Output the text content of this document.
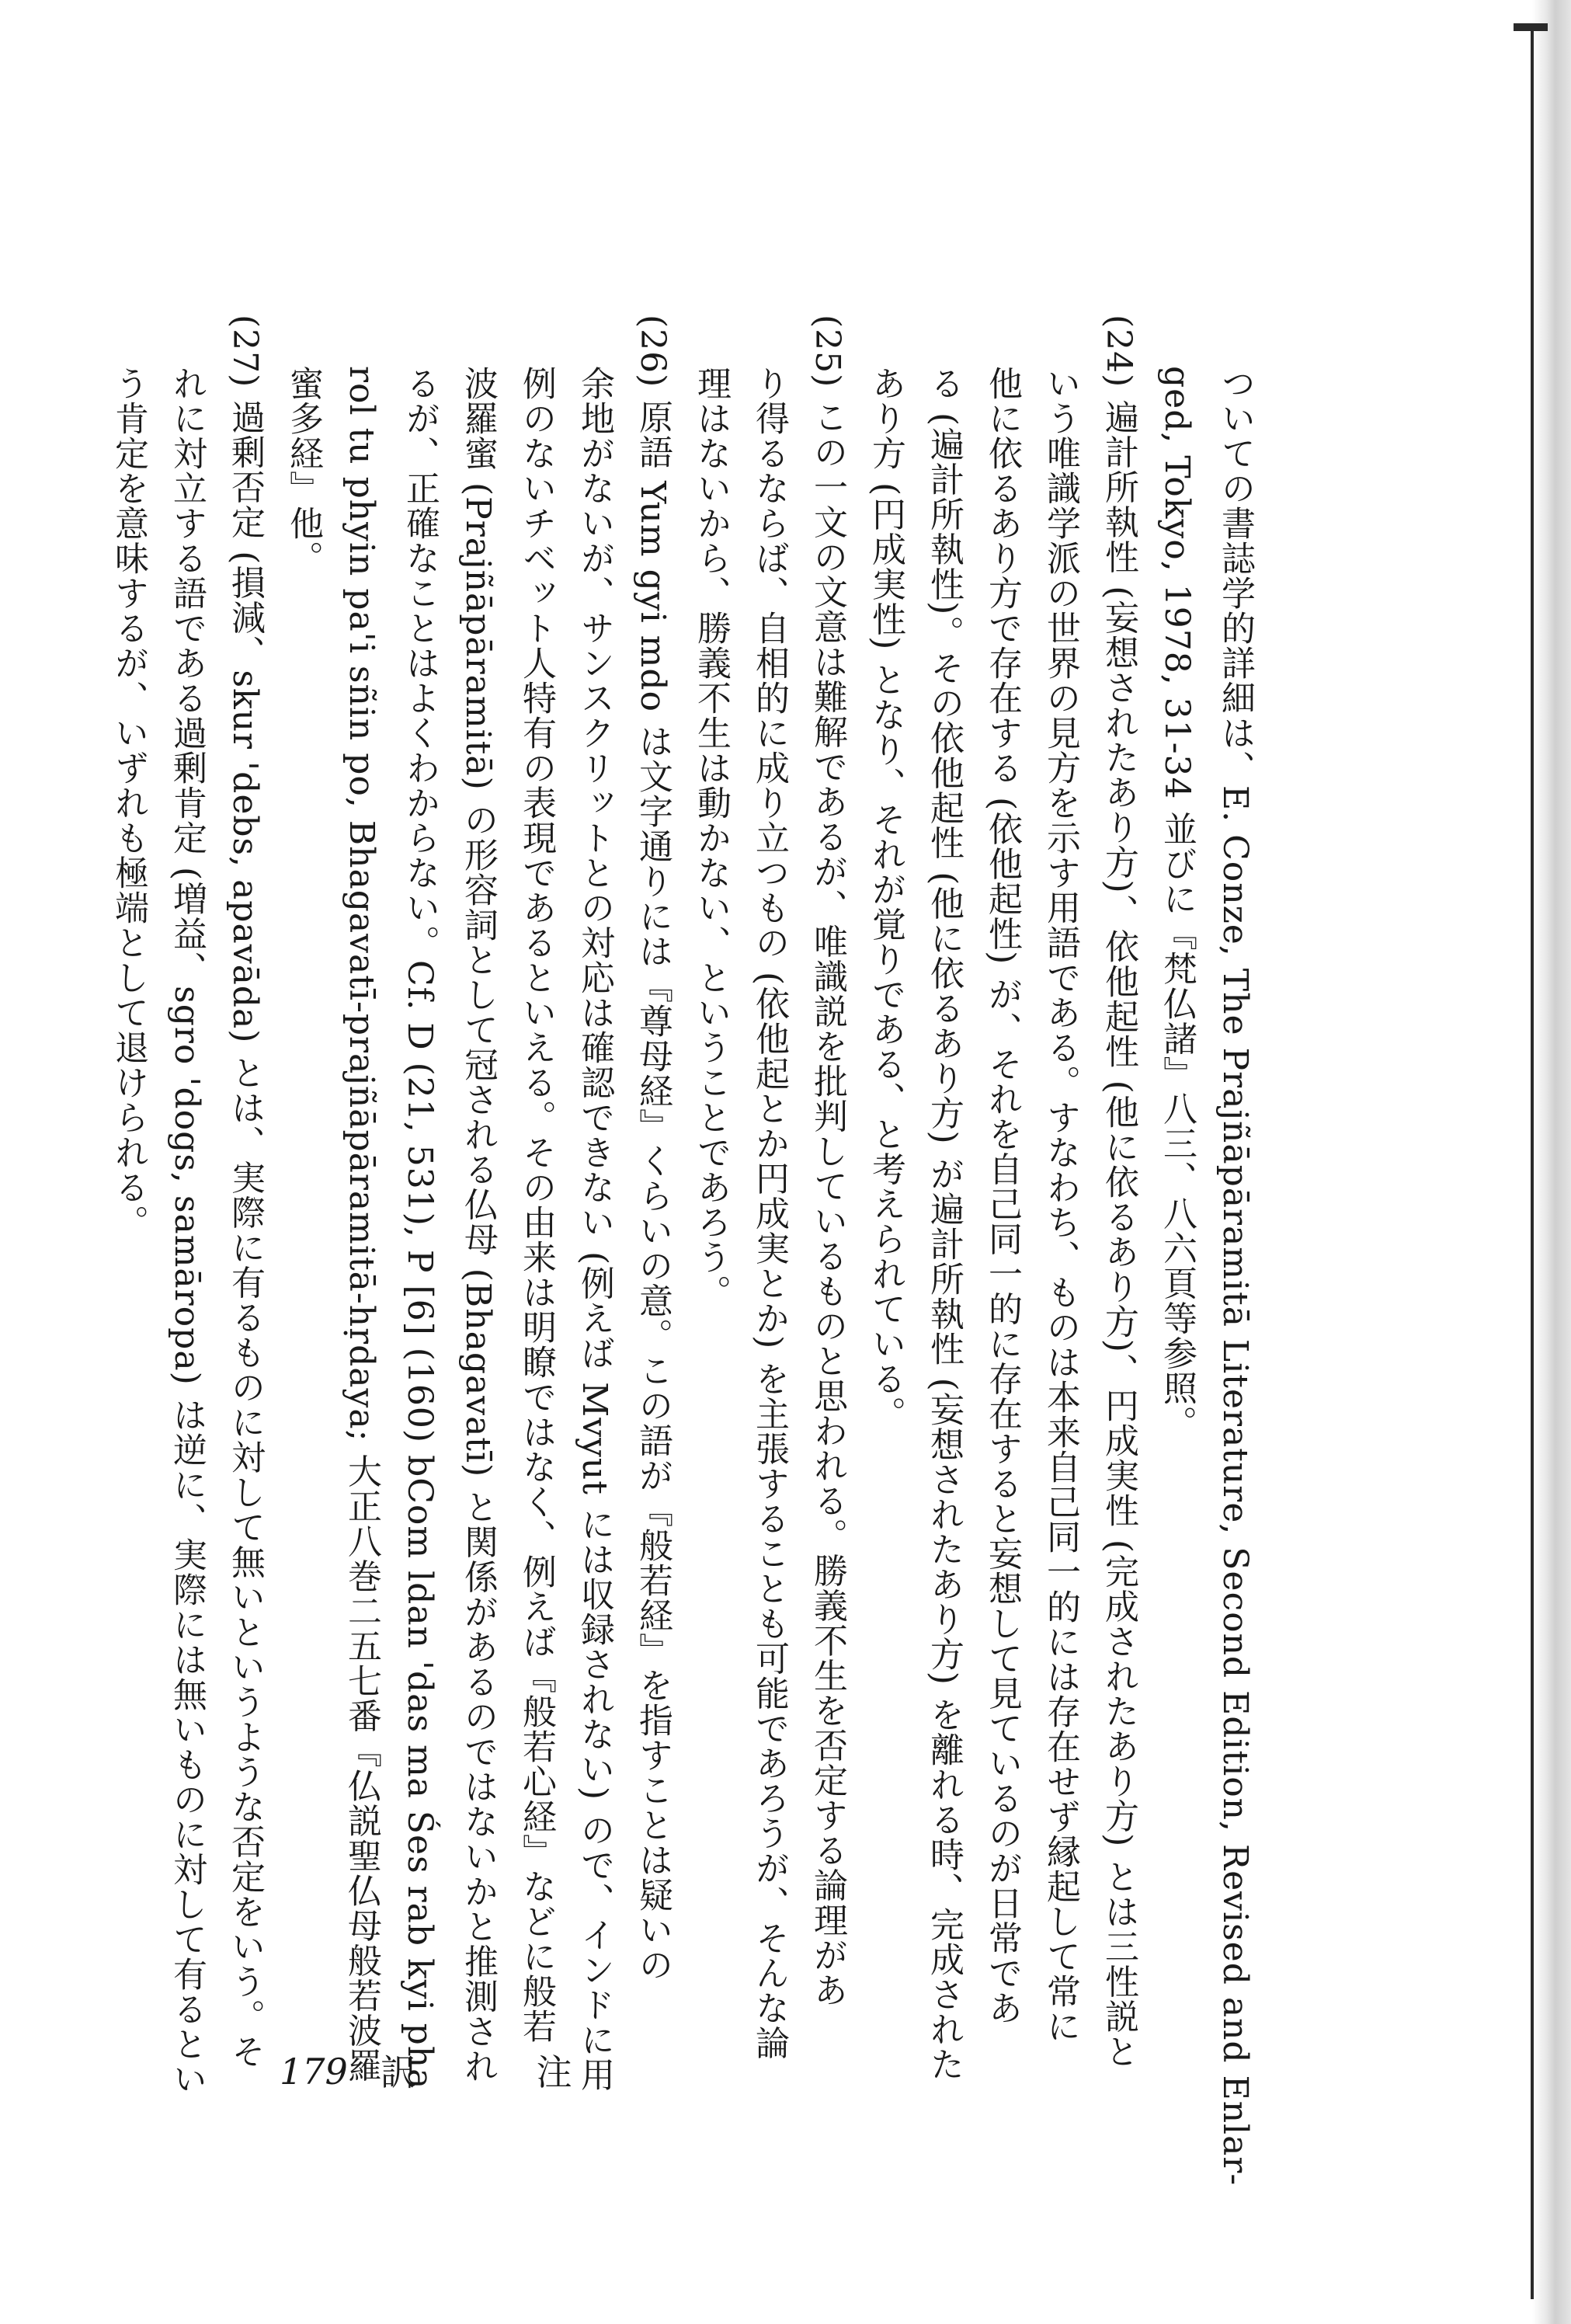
ついての書誌学的詳細は、E. Conze, The Prajñāpāramitā Literature, Second Edition, Revised and Enlar-
ged, Tokyo, 1978, 31-34 並びに『梵仏諸』八三、八六頁等参照。
(24) 遍計所執性 (妄想されたあり方)、依他起性 (他に依るあり方)、円成実性 (完成されたあり方) とは三性説と
いう唯識学派の世界の見方を示す用語である。すなわち、ものは本来自己同一的には存在せず縁起して常に
他に依るあり方で存在する (依他起性) が、それを自己同一的に存在すると妄想して見ているのが日常であ
る (遍計所執性)。その依他起性 (他に依るあり方) が遍計所執性 (妄想されたあり方) を離れる時、完成された
あり方 (円成実性) となり、それが覚りである、と考えられている。
(25) この一文の文意は難解であるが、唯識説を批判しているものと思われる。勝義不生を否定する論理があ
り得るならば、自相的に成り立つもの (依他起とか円成実とか) を主張することも可能であろうが、そんな論
理はないから、勝義不生は動かない、ということであろう。
(26) 原語 Yum gyi mdo は文字通りには『尊母経』くらいの意。この語が『般若経』を指すことは疑いの
余地がないが、サンスクリットとの対応は確認できない (例えば Mvyut には収録されない) ので、インドに用
例のないチベット人特有の表現であるといえる。その由来は明瞭ではなく、例えば『般若心経』などに般若
波羅蜜 (Prajñāpāramitā) の形容詞として冠される仏母 (Bhagavatī) と関係があるのではないかと推測され
るが、正確なことはよくわからない。Cf. D (21, 531), P [6] (160) bCom ldan 'das ma Śes rab kyi pha
rol tu phyin pa'i sñin po, Bhagavatī-prajñāpāramitā-hṛdaya; 大正八巻二五七番『仏説聖仏母般若波羅
蜜多経』他。
(27) 過剰否定 (損減、skur 'debs, apavāda) とは、実際に有るものに対して無いというような否定をいう。そ
れに対立する語である過剰肯定 (増益、sgro 'dogs, samāropa) は逆に、実際には無いものに対して有るとい
う肯定を意味するが、いずれも極端として退けられる。
179 訳 注
